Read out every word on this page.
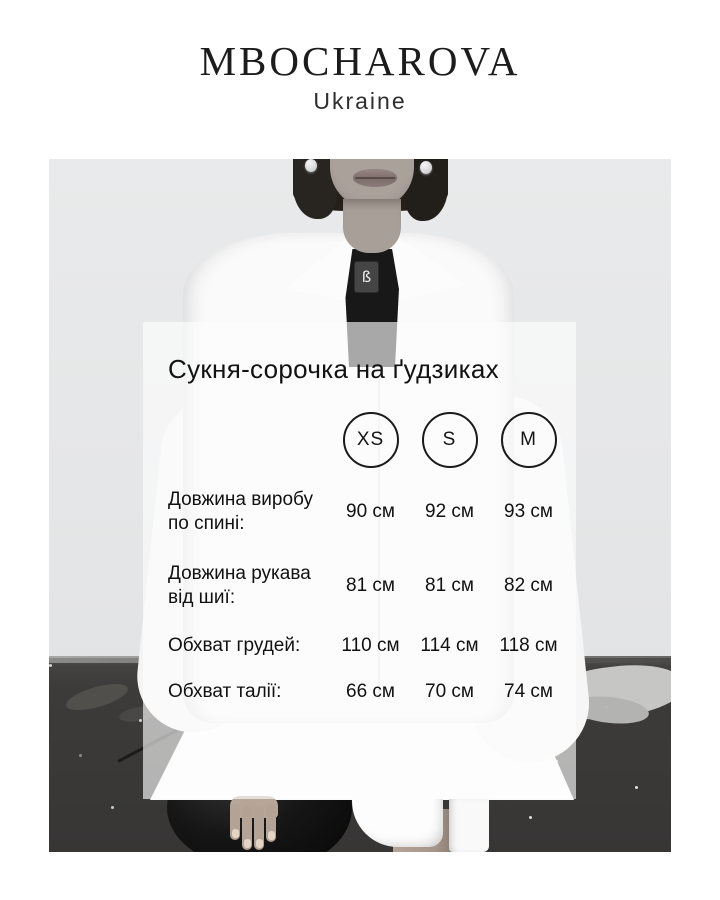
MBOCHAROVA
Ukraine
ß
Сукня-сорочка на ґудзиках
XS	S	M
Довжина виробу по спині:
90 см	92 см	93 см
Довжина рукава від шиї:
81 см	81 см	82 см
Обхват грудей:	110 см	114 см	118 см
Обхват талії:	66 см	70 см	74 см
